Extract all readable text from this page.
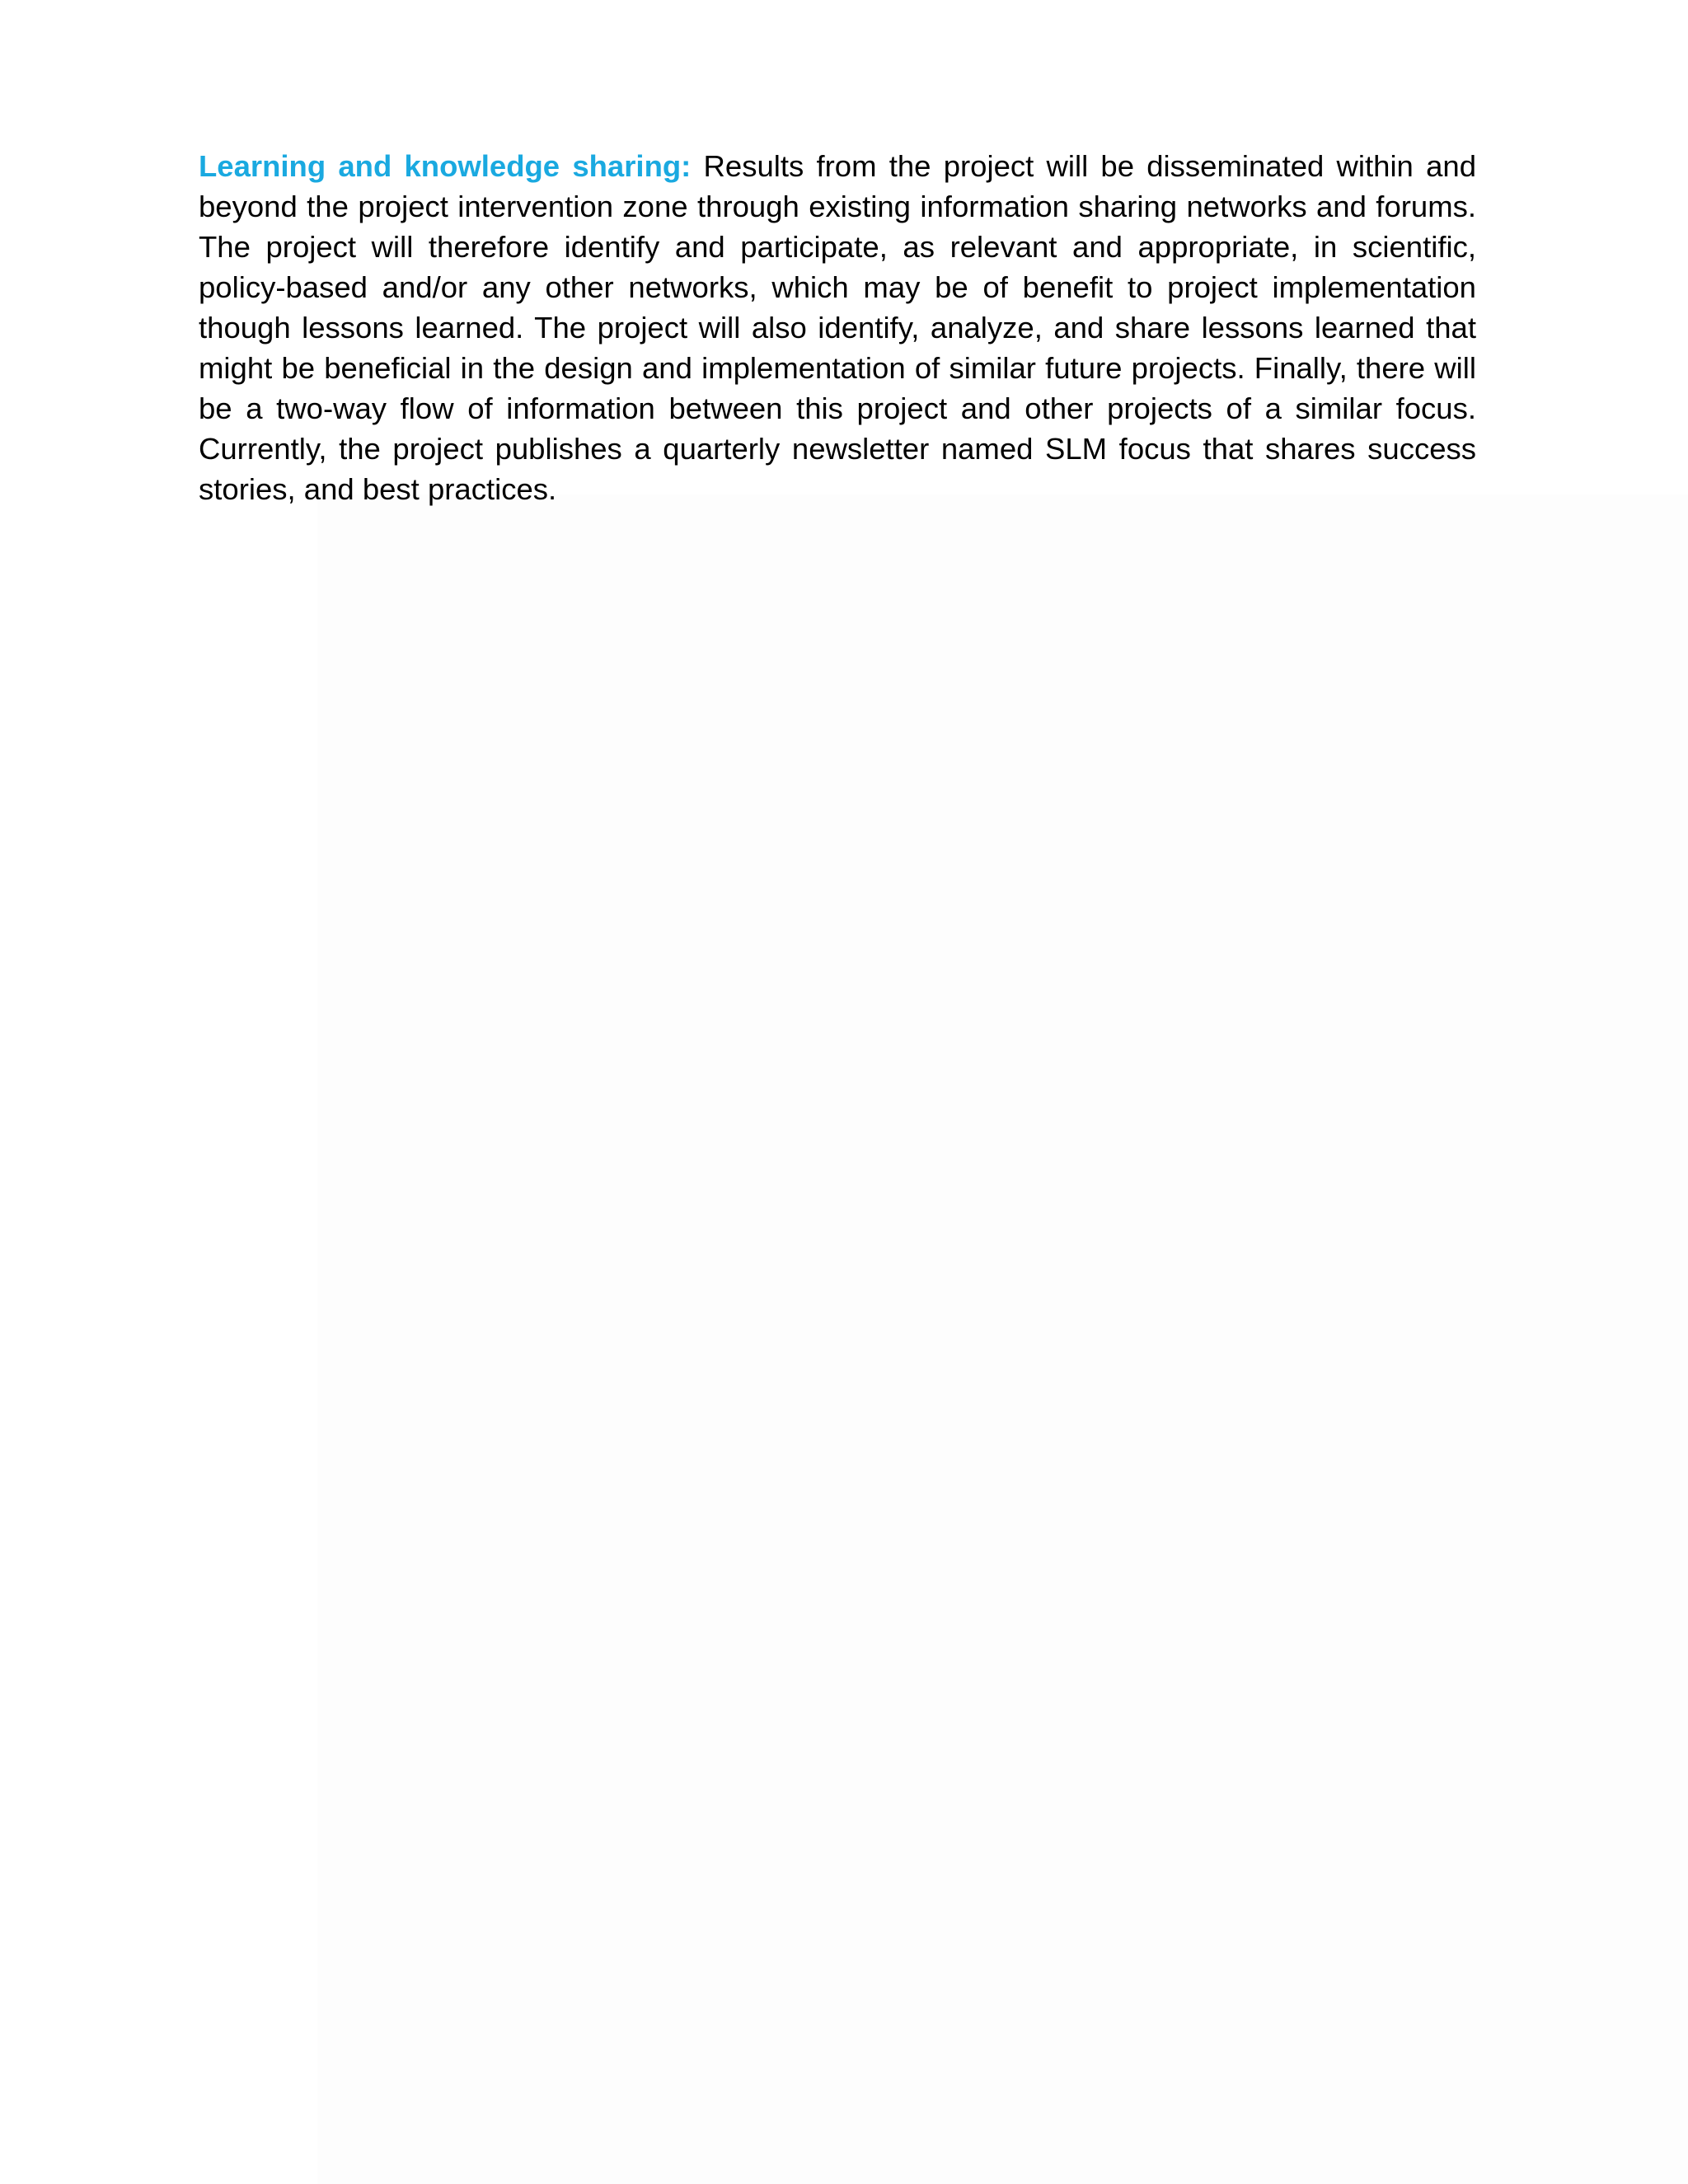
Learning and knowledge sharing: Results from the project will be disseminated within and beyond the project intervention zone through existing information sharing networks and forums. The project will therefore identify and participate, as relevant and appropriate, in scientific, policy-based and/or any other networks, which may be of benefit to project implementation though lessons learned. The project will also identify, analyze, and share lessons learned that might be beneficial in the design and implementation of similar future projects. Finally, there will be a two-way flow of information between this project and other projects of a similar focus. Currently, the project publishes a quarterly newsletter named SLM focus that shares success stories, and best practices.
